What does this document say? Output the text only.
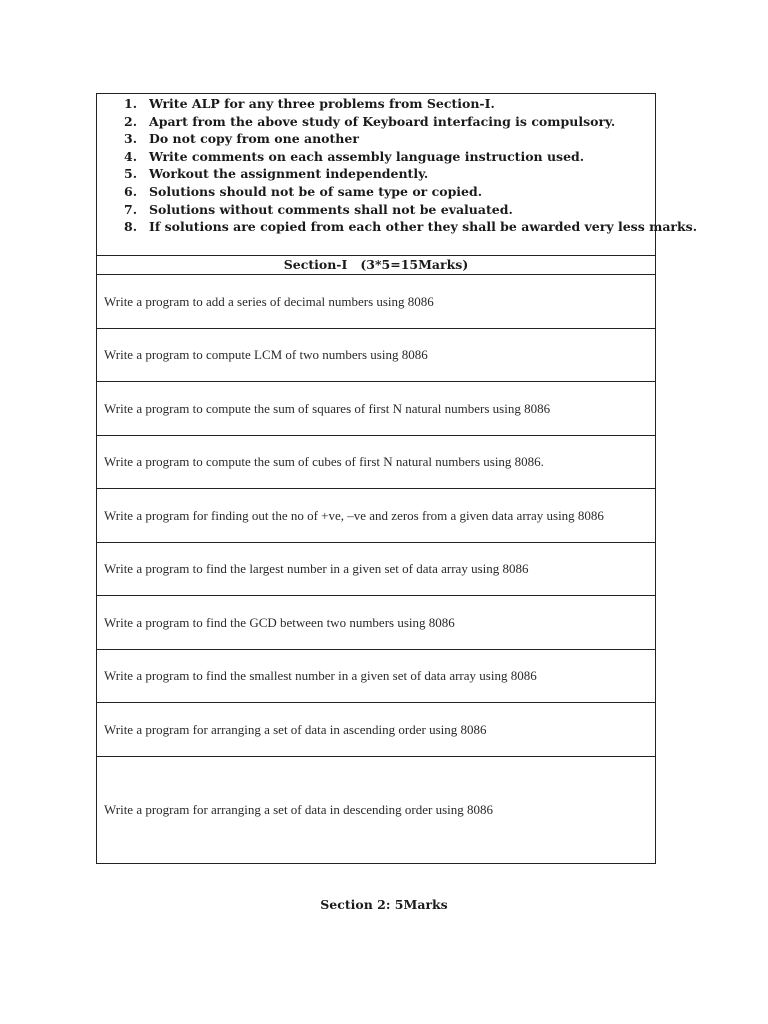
1. Write ALP for any three problems from Section-I.
2. Apart from the above study of Keyboard interfacing is compulsory.
3. Do not copy from one another
4. Write comments on each assembly language instruction used.
5. Workout the assignment independently.
6. Solutions should not be of same type or copied.
7. Solutions without comments shall not be evaluated.
8. If solutions are copied from each other they shall be awarded very less marks.
Section-I   (3*5=15Marks)
Write a program to add a series of decimal numbers using 8086
Write a program to compute LCM of two numbers using 8086
Write a program to compute the sum of squares of first N natural numbers using 8086
Write a program to compute the sum of cubes of first N natural numbers using 8086.
Write a program for finding out the no of +ve, –ve and zeros from a given data array using 8086
Write a program to find the largest number in a given set of data array using 8086
Write a program to find the GCD between two numbers using 8086
Write a program to find the smallest number in a given set of data array using 8086
Write a program for arranging a set of data in ascending order using 8086
Write a program for arranging a set of data in descending order using 8086
Section 2: 5Marks
